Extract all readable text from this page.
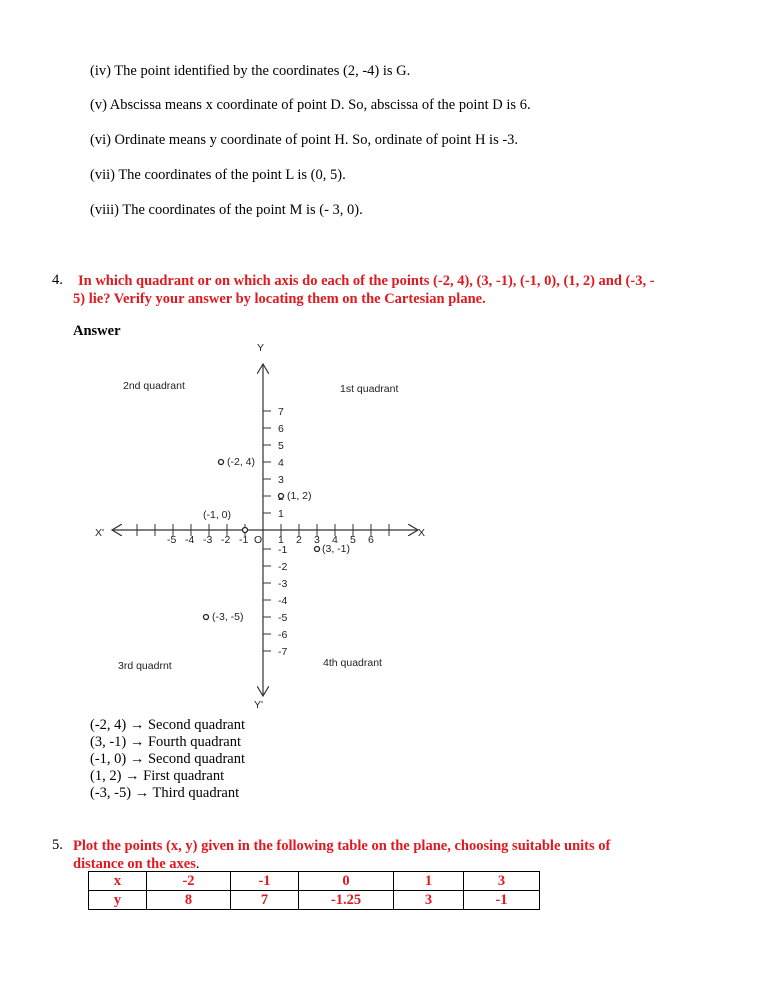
(iv) The point identified by the coordinates (2, -4) is G.
(v) Abscissa means x coordinate of point D. So, abscissa of the point D is 6.
(vi) Ordinate means y coordinate of point H. So, ordinate of point H is -3.
(vii) The coordinates of the point L is (0, 5).
(viii) The coordinates of the point M is (- 3, 0).
4. In which quadrant or on which axis do each of the points (-2, 4), (3, -1), (-1, 0), (1, 2) and (-3, -
5) lie? Verify your answer by locating them on the Cartesian plane.
Answer
Y
Y'
X'	X
O
2nd quadrant	1st quadrant
3rd quadrnt	4th quadrant
1 2 3 4 5 6
-5 -4 -3 -2 -1
1
3
4
5
6
7
-1
-2
-3
-4
-5
-6
-7
(-2, 4)
(3, -1)
(-1, 0)
(1, 2)
(-3, -5)
(-2, 4) → Second quadrant
(3, -1) → Fourth quadrant
(-1, 0) → Second quadrant
(1, 2) → First quadrant
(-3, -5) → Third quadrant
5. Plot the points (x, y) given in the following table on the plane, choosing suitable units of
distance on the axes.
x	-2	-1	0	1	3
y	8	7	-1.25	3	-1
